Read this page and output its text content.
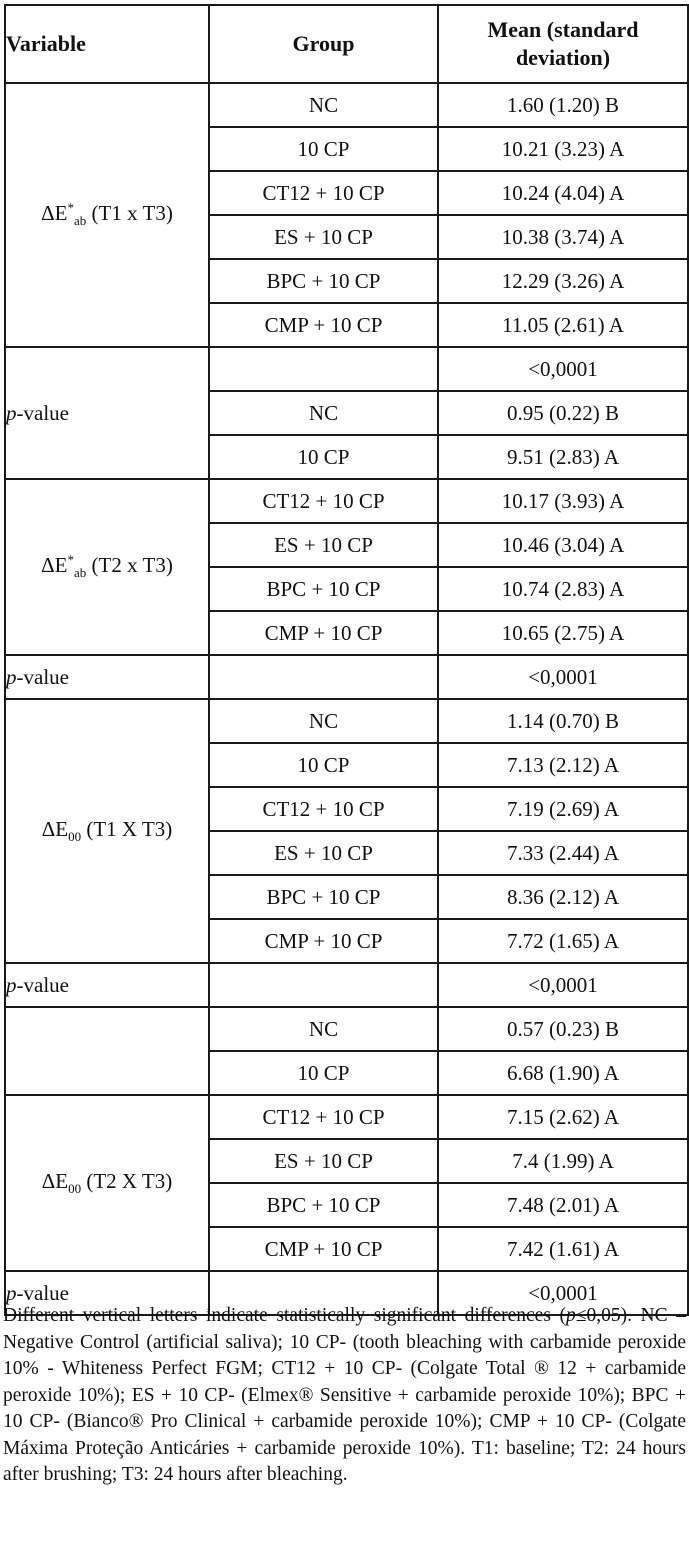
Variable	Group	Mean (standard
deviation)
$\Delta E^*_{ab}$ (T1 x T3)	NC	1.60 (1.20) B
	10 CP	10.21 (3.23) A
	CT12 + 10 CP	10.24 (4.04) A
	ES + 10 CP	10.38 (3.74) A
	BPC + 10 CP	12.29 (3.26) A
	CMP + 10 CP	11.05 (2.61) A
p-value		<0,0001
	NC	0.95 (0.22) B
	10 CP	9.51 (2.83) A
$\Delta E^*_{ab}$ (T2 x T3)	CT12 + 10 CP	10.17 (3.93) A
	ES + 10 CP	10.46 (3.04) A
	BPC + 10 CP	10.74 (2.83) A
	CMP + 10 CP	10.65 (2.75) A
p-value		<0,0001
$\Delta E_{00}$ (T1 X T3)	NC	1.14 (0.70) B
	10 CP	7.13 (2.12) A
	CT12 + 10 CP	7.19 (2.69) A
	ES + 10 CP	7.33 (2.44) A
	BPC + 10 CP	8.36 (2.12) A
	CMP + 10 CP	7.72 (1.65) A
p-value		<0,0001
	NC	0.57 (0.23) B
	10 CP	6.68 (1.90) A
$\Delta E_{00}$ (T2 X T3)	CT12 + 10 CP	7.15 (2.62) A
	ES + 10 CP	7.4 (1.99) A
	BPC + 10 CP	7.48 (2.01) A
	CMP + 10 CP	7.42 (1.61) A
p-value		<0,0001

Different vertical letters indicate statistically significant differences (p≤0,05). NC – Negative Control (artificial saliva); 10 CP- (tooth bleaching with carbamide peroxide 10% - Whiteness Perfect FGM; CT12 + 10 CP- (Colgate Total ® 12 + carbamide peroxide 10%); ES + 10 CP- (Elmex® Sensitive + carbamide peroxide 10%); BPC + 10 CP- (Bianco® Pro Clinical + carbamide peroxide 10%); CMP + 10 CP- (Colgate Máxima Proteção Anticáries + carbamide peroxide 10%). T1: baseline; T2: 24 hours after brushing; T3: 24 hours after bleaching.
